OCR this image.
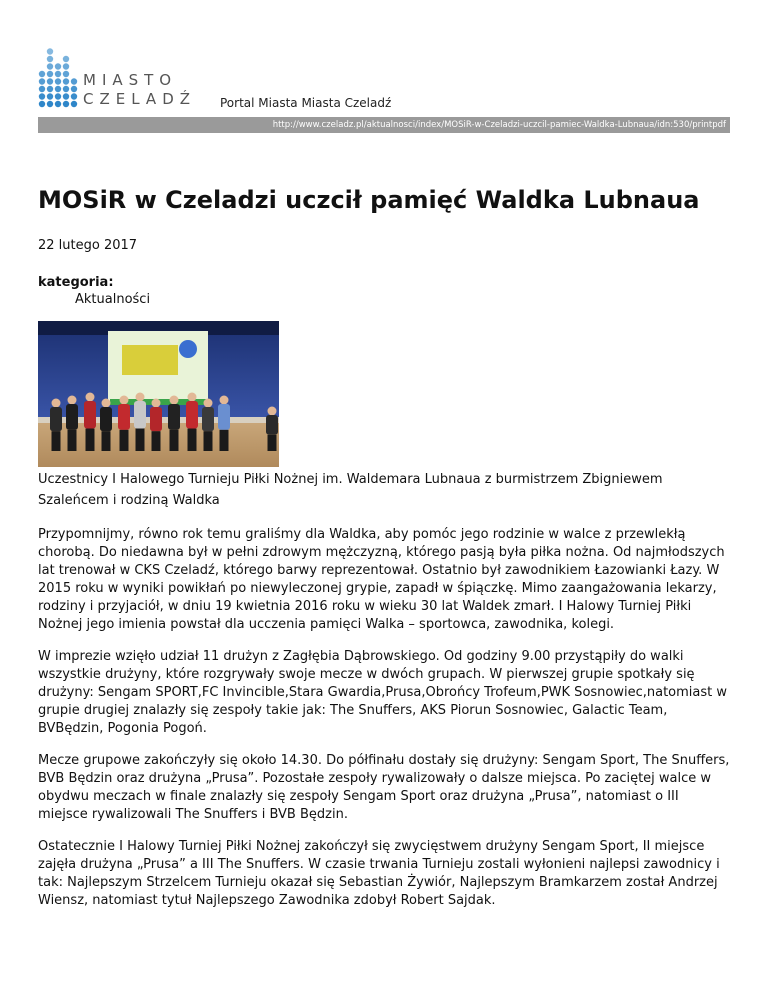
MIASTO
CZELADŹ Portal Miasta Miasta Czeladź
http://www.czeladz.pl/aktualnosci/index/MOSiR-w-Czeladzi-uczcil-pamiec-Waldka-Lubnaua/idn:530/printpdf
MOSiR w Czeladzi uczcił pamięć Waldka Lubnaua
22 lutego 2017
kategoria:
Aktualności
Uczestnicy I Halowego Turnieju Piłki Nożnej im. Waldemara Lubnaua z burmistrzem Zbigniewem Szaleńcem i rodziną Waldka

Przypomnijmy, równo rok temu graliśmy dla Waldka, aby pomóc jego rodzinie w walce z przewlekłą chorobą. Do niedawna był w pełni zdrowym mężczyzną, którego pasją była piłka nożna. Od najmłodszych lat trenował w CKS Czeladź, którego barwy reprezentował. Ostatnio był zawodnikiem Łazowianki Łazy. W 2015 roku w wyniki powikłań po niewyleczonej grypie, zapadł w śpiączkę. Mimo zaangażowania lekarzy, rodziny i przyjaciół, w dniu 19 kwietnia 2016 roku w wieku 30 lat Waldek zmarł. I Halowy Turniej Piłki Nożnej jego imienia powstał dla ucczenia pamięci Walka – sportowca, zawodnika, kolegi.

W imprezie wzięło udział 11 drużyn z Zagłębia Dąbrowskiego. Od godziny 9.00 przystąpiły do walki wszystkie drużyny, które rozgrywały swoje mecze w dwóch grupach. W pierwszej grupie spotkały się drużyny: Sengam SPORT,FC Invincible,Stara Gwardia,Prusa,Obrońcy Trofeum,PWK Sosnowiec,natomiast w grupie drugiej znalazły się zespoły takie jak: The Snuffers, AKS Piorun Sosnowiec, Galactic Team, BVBędzin, Pogonia Pogoń.

Mecze grupowe zakończyły się około 14.30. Do półfinału dostały się drużyny: Sengam Sport, The Snuffers, BVB Będzin oraz drużyna „Prusa”. Pozostałe zespoły rywalizowały o dalsze miejsca. Po zaciętej walce w obydwu meczach w finale znalazły się zespoły Sengam Sport oraz drużyna „Prusa”, natomiast o III miejsce rywalizowali The Snuffers i BVB Będzin.

Ostatecznie I Halowy Turniej Piłki Nożnej zakończył się zwycięstwem drużyny Sengam Sport, II miejsce zajęła drużyna „Prusa” a III The Snuffers. W czasie trwania Turnieju zostali wyłonieni najlepsi zawodnicy i tak: Najlepszym Strzelcem Turnieju okazał się Sebastian Żywiór, Najlepszym Bramkarzem został Andrzej Wiensz, natomiast tytuł Najlepszego Zawodnika zdobył Robert Sajdak.
